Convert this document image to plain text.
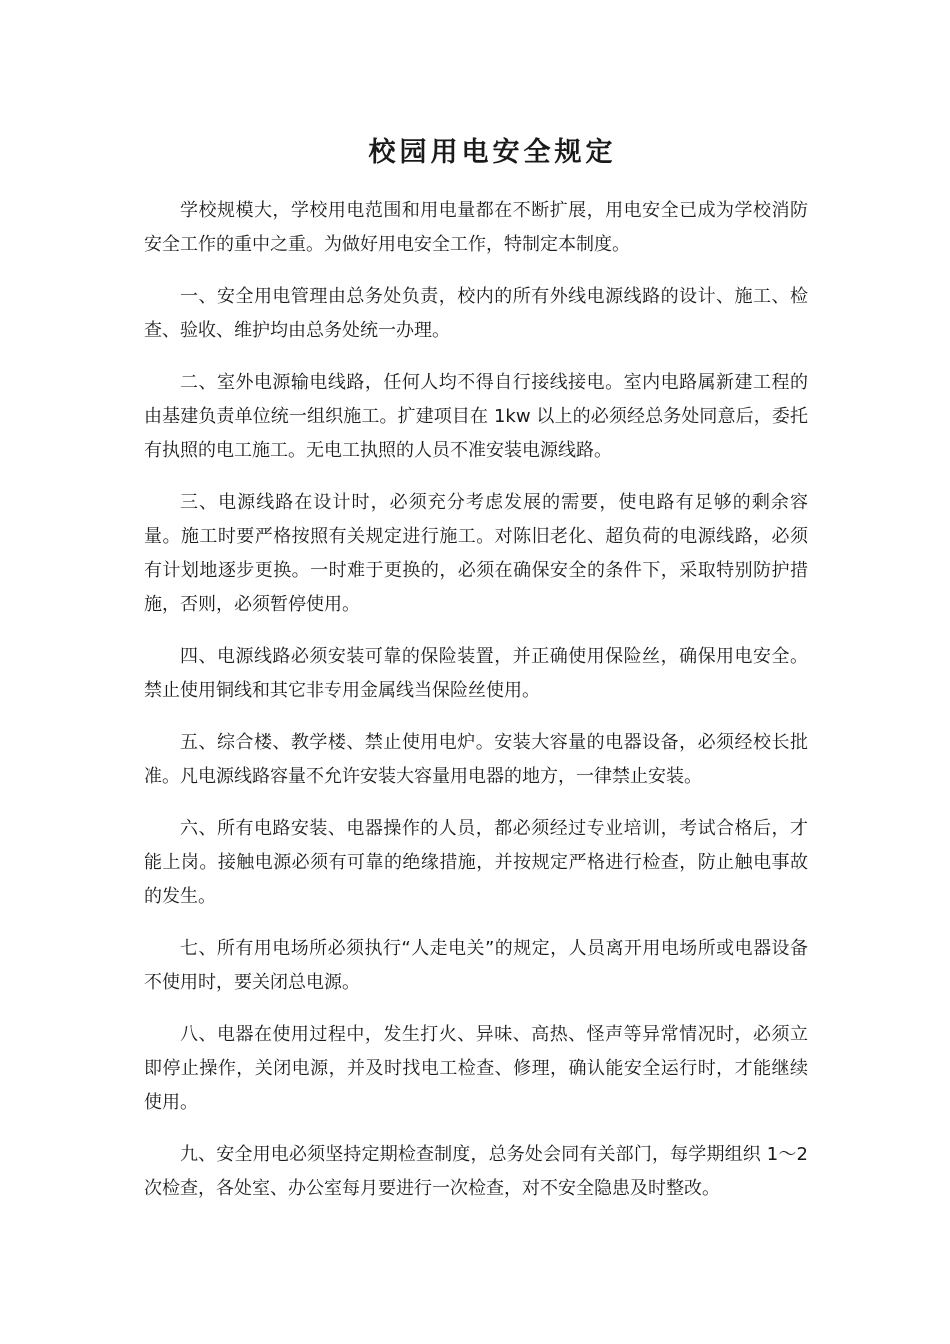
校园用电安全规定

学校规模大，学校用电范围和用电量都在不断扩展，用电安全已成为学校消防安全工作的重中之重。为做好用电安全工作，特制定本制度。

一、安全用电管理由总务处负责，校内的所有外线电源线路的设计、施工、检查、验收、维护均由总务处统一办理。

二、室外电源输电线路，任何人均不得自行接线接电。室内电路属新建工程的由基建负责单位统一组织施工。扩建项目在 1kw 以上的必须经总务处同意后，委托有执照的电工施工。无电工执照的人员不准安装电源线路。

三、电源线路在设计时，必须充分考虑发展的需要，使电路有足够的剩余容量。施工时要严格按照有关规定进行施工。对陈旧老化、超负荷的电源线路，必须有计划地逐步更换。一时难于更换的，必须在确保安全的条件下，采取特别防护措施，否则，必须暂停使用。

四、电源线路必须安装可靠的保险装置，并正确使用保险丝，确保用电安全。禁止使用铜线和其它非专用金属线当保险丝使用。

五、综合楼、教学楼、禁止使用电炉。安装大容量的电器设备，必须经校长批准。凡电源线路容量不允许安装大容量用电器的地方，一律禁止安装。

六、所有电路安装、电器操作的人员，都必须经过专业培训，考试合格后，才能上岗。接触电源必须有可靠的绝缘措施，并按规定严格进行检查，防止触电事故的发生。

七、所有用电场所必须执行“人走电关”的规定，人员离开用电场所或电器设备不使用时，要关闭总电源。

八、电器在使用过程中，发生打火、异味、高热、怪声等异常情况时，必须立即停止操作，关闭电源，并及时找电工检查、修理，确认能安全运行时，才能继续使用。

九、安全用电必须坚持定期检查制度，总务处会同有关部门，每学期组织 1～2 次检查，各处室、办公室每月要进行一次检查，对不安全隐患及时整改。
